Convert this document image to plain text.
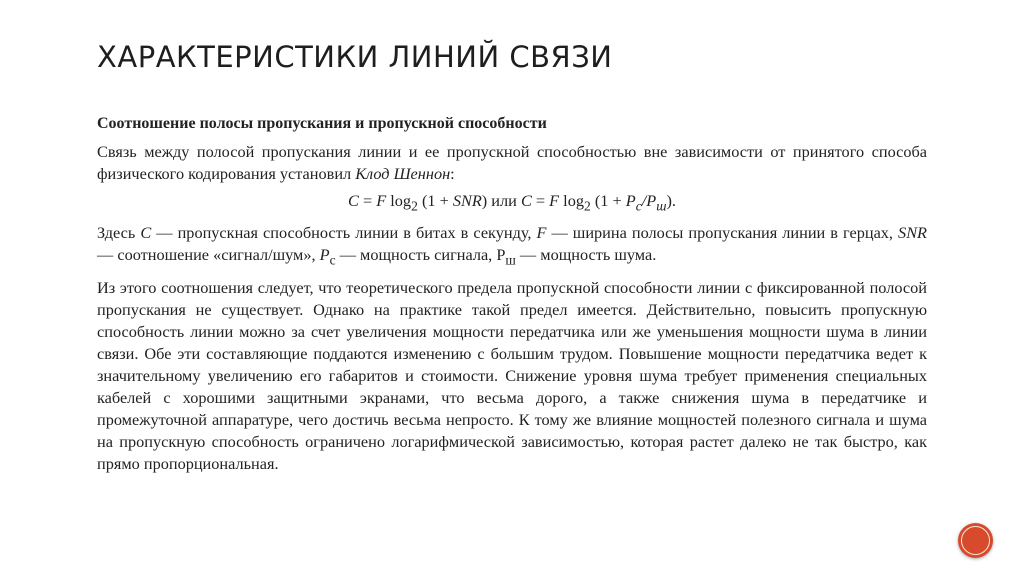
ХАРАКТЕРИСТИКИ ЛИНИЙ СВЯЗИ

Соотношение полосы пропускания и пропускной способности

Связь между полосой пропускания линии и ее пропускной способностью вне зависимости от принятого способа физического кодирования установил Клод Шеннон:

C = F $\log_2 (1 + SNR)$ или C = F $\log_2 (1 + P_с/P_ш)$.

Здесь C — пропускная способность линии в битах в секунду, F — ширина полосы пропускания линии в герцах, SNR — соотношение «сигнал/шум», $P_с$ — мощность сигнала, $Р_ш$ — мощность шума.

Из этого соотношения следует, что теоретического предела пропускной способности линии с фиксированной полосой пропускания не существует. Однако на практике такой предел имеется. Действительно, повысить пропускную способность линии можно за счет увеличения мощности передатчика или же уменьшения мощности шума в линии связи. Обе эти составляющие поддаются изменению с большим трудом. Повышение мощности передатчика ведет к значительному увеличению его габаритов и стоимости. Снижение уровня шума требует применения специальных кабелей с хорошими защитными экранами, что весьма дорого, а также снижения шума в передатчике и промежуточной аппаратуре, чего достичь весьма непросто. К тому же влияние мощностей полезного сигнала и шума на пропускную способность ограничено логарифмической зависимостью, которая растет далеко не так быстро, как прямо пропорциональная.
